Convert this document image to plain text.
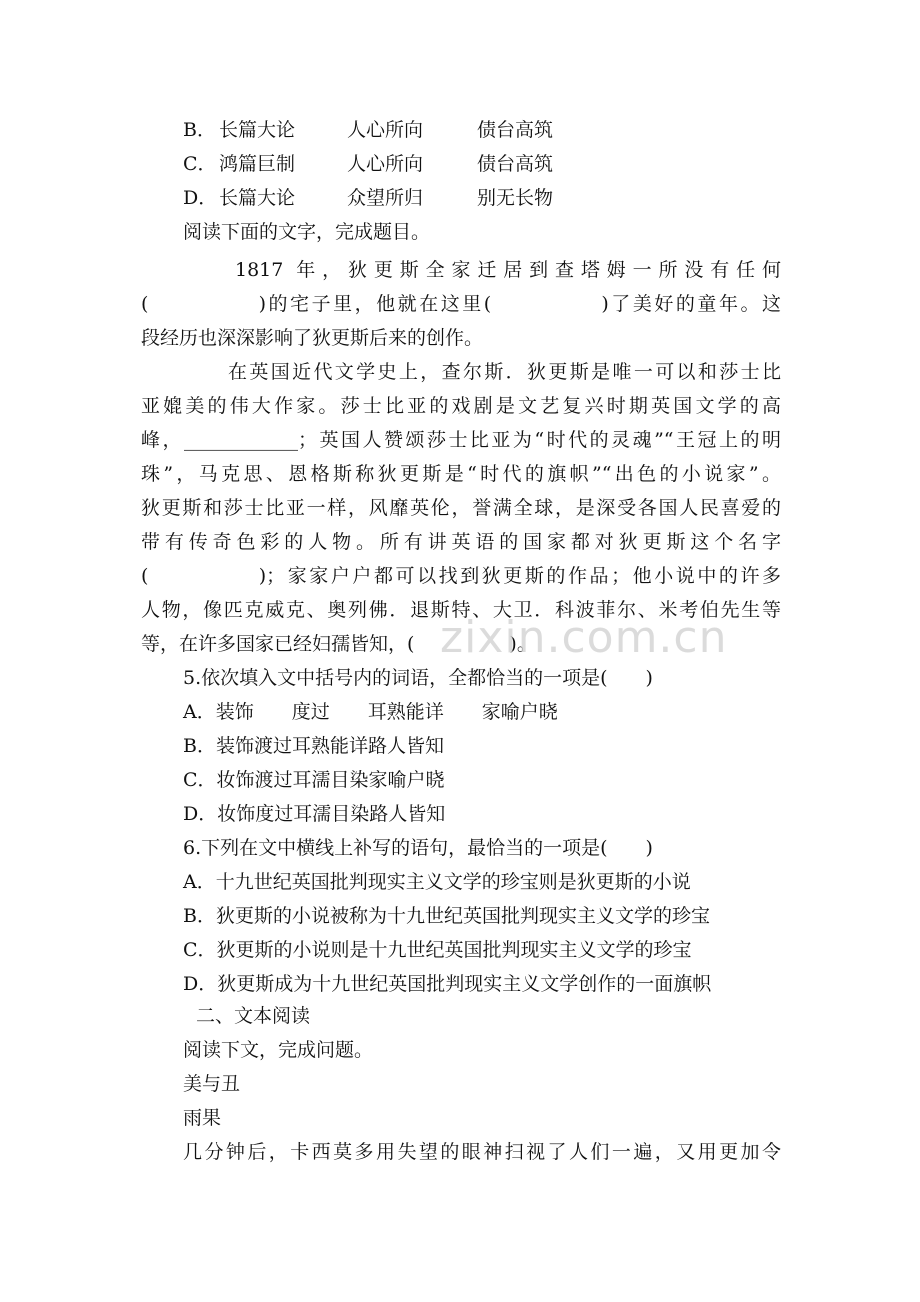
B． 长篇大论	人心所向	债台高筑
C． 鸿篇巨制	人心所向	债台高筑
D．长篇大论	众望所归	别无长物
阅读下面的文字，完成题目。
1817 年，狄更斯全家迁居到查塔姆一所没有任何
(　　　　　)的宅子里，他就在这里(　　　　　)了美好的童年。这
段经历也深深影响了狄更斯后来的创作。
在英国近代文学史上，查尔斯．狄更斯是唯一可以和莎士比
亚媲美的伟大作家。莎士比亚的戏剧是文艺复兴时期英国文学的高
峰，____________；英国人赞颂莎士比亚为“时代的灵魂”“王冠上的明
珠”，马克思、恩格斯称狄更斯是“时代的旗帜”“出色的小说家”。
狄更斯和莎士比亚一样，风靡英伦，誉满全球，是深受各国人民喜爱的
带有传奇色彩的人物。所有讲英语的国家都对狄更斯这个名字
(　　　　　)；家家户户都可以找到狄更斯的作品；他小说中的许多
人物，像匹克威克、奥列佛．退斯特、大卫．科波菲尔、米考伯先生等
等，在许多国家已经妇孺皆知，(　　　　　)。
5.依次填入文中括号内的词语，全都恰当的一项是(　　)
A．装饰　　度过　　耳熟能详　　家喻户晓
B．装饰渡过耳熟能详路人皆知
C．妆饰渡过耳濡目染家喻户晓
D．妆饰度过耳濡目染路人皆知
6.下列在文中横线上补写的语句，最恰当的一项是(　　)
A．十九世纪英国批判现实主义文学的珍宝则是狄更斯的小说
B．狄更斯的小说被称为十九世纪英国批判现实主义文学的珍宝
C．狄更斯的小说则是十九世纪英国批判现实主义文学的珍宝
D．狄更斯成为十九世纪英国批判现实主义文学创作的一面旗帜
二、文本阅读
阅读下文，完成问题。
美与丑
雨果
几分钟后，卡西莫多用失望的眼神扫视了人们一遍，又用更加令
zixin.com.cn
